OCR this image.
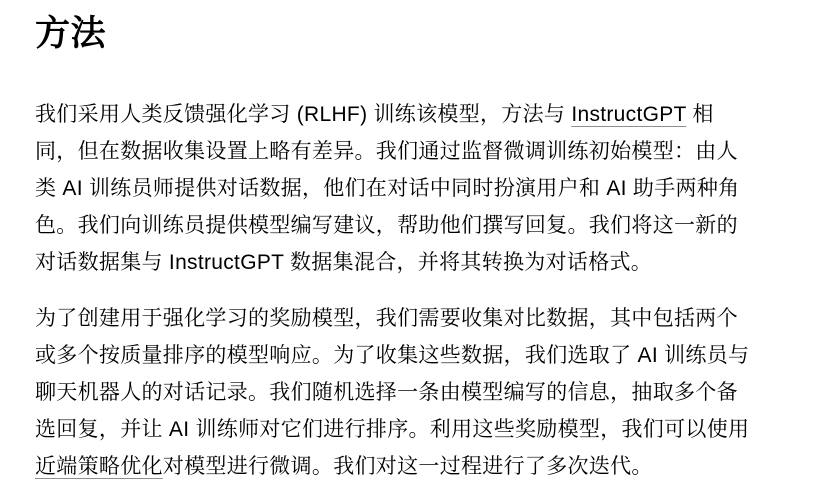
方法

我们采用人类反馈强化学习 (RLHF) 训练该模型，方法与 InstructGPT 相同，但在数据收集设置上略有差异。我们通过监督微调训练初始模型：由人类 AI 训练员师提供对话数据，他们在对话中同时扮演用户和 AI 助手两种角色。我们向训练员提供模型编写建议，帮助他们撰写回复。我们将这一新的对话数据集与 InstructGPT 数据集混合，并将其转换为对话格式。

为了创建用于强化学习的奖励模型，我们需要收集对比数据，其中包括两个或多个按质量排序的模型响应。为了收集这些数据，我们选取了 AI 训练员与聊天机器人的对话记录。我们随机选择一条由模型编写的信息，抽取多个备选回复，并让 AI 训练师对它们进行排序。利用这些奖励模型，我们可以使用近端策略优化对模型进行微调。我们对这一过程进行了多次迭代。
